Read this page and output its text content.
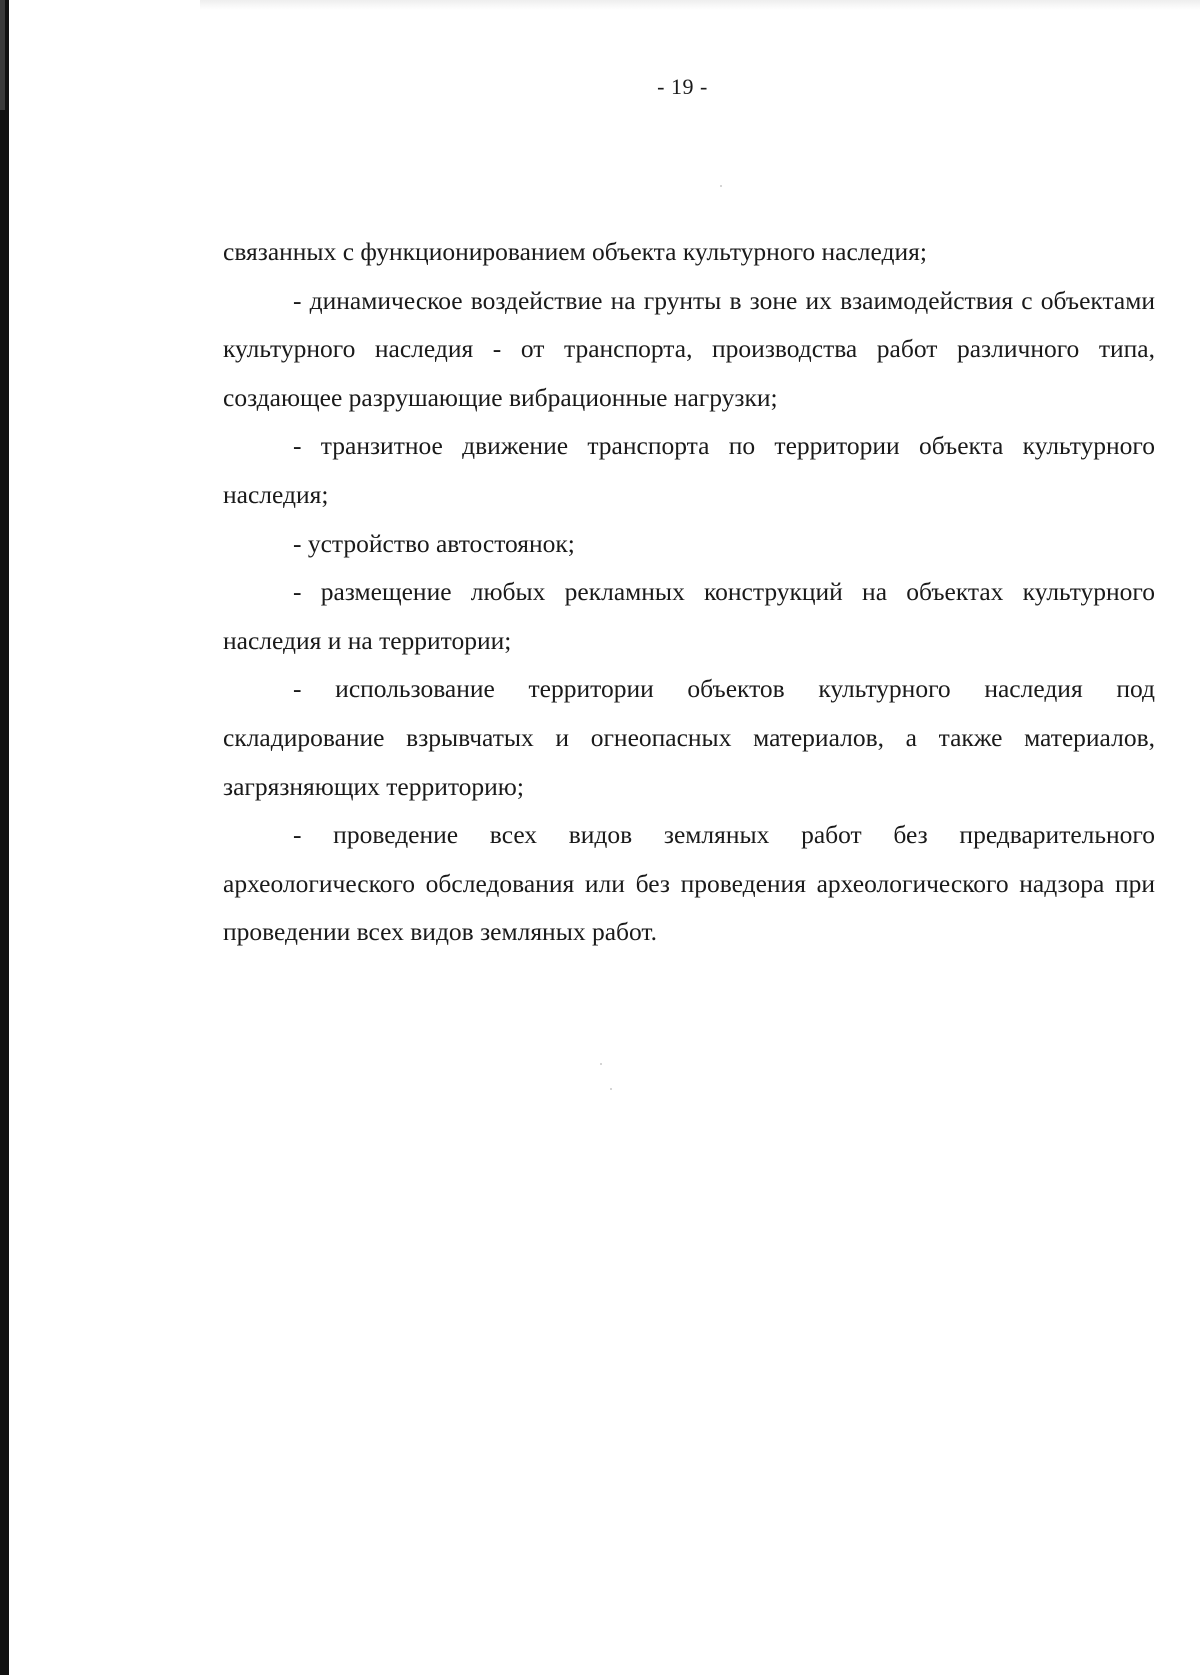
- 19 -

связанных с функционированием объекта культурного наследия;

- динамическое воздействие на грунты в зоне их взаимодействия с объектами культурного наследия - от транспорта, производства работ различного типа, создающее разрушающие вибрационные нагрузки;

- транзитное движение транспорта по территории объекта культурного наследия;

- устройство автостоянок;

- размещение любых рекламных конструкций на объектах культурного наследия и на территории;

- использование территории объектов культурного наследия под складирование взрывчатых и огнеопасных материалов, а также материалов, загрязняющих территорию;

- проведение всех видов земляных работ без предварительного археологического обследования или без проведения археологического надзора при проведении всех видов земляных работ.
